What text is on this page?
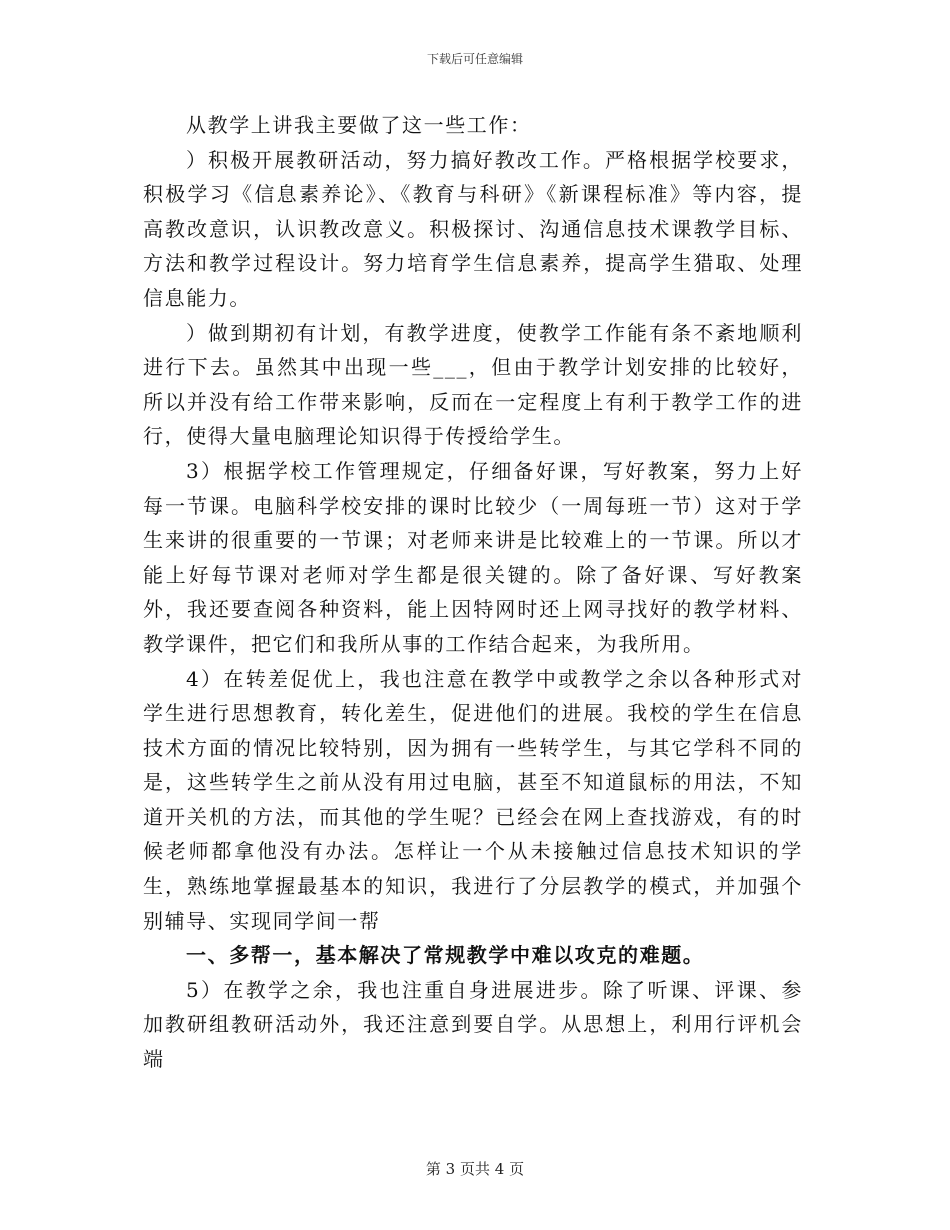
下载后可任意编辑

从教学上讲我主要做了这一些工作：

）积极开展教研活动，努力搞好教改工作。严格根据学校要求，积极学习《信息素养论》、《教育与科研》《新课程标准》等内容，提高教改意识，认识教改意义。积极探讨、沟通信息技术课教学目标、方法和教学过程设计。努力培育学生信息素养，提高学生猎取、处理信息能力。

）做到期初有计划，有教学进度，使教学工作能有条不紊地顺利进行下去。虽然其中出现一些___，但由于教学计划安排的比较好，所以并没有给工作带来影响，反而在一定程度上有利于教学工作的进行，使得大量电脑理论知识得于传授给学生。

3）根据学校工作管理规定，仔细备好课，写好教案，努力上好每一节课。电脑科学校安排的课时比较少（一周每班一节）这对于学生来讲的很重要的一节课；对老师来讲是比较难上的一节课。所以才能上好每节课对老师对学生都是很关键的。除了备好课、写好教案外，我还要查阅各种资料，能上因特网时还上网寻找好的教学材料、教学课件，把它们和我所从事的工作结合起来，为我所用。

4）在转差促优上，我也注意在教学中或教学之余以各种形式对学生进行思想教育，转化差生，促进他们的进展。我校的学生在信息技术方面的情况比较特别，因为拥有一些转学生，与其它学科不同的是，这些转学生之前从没有用过电脑，甚至不知道鼠标的用法，不知道开关机的方法，而其他的学生呢？已经会在网上查找游戏，有的时候老师都拿他没有办法。怎样让一个从未接触过信息技术知识的学生，熟练地掌握最基本的知识，我进行了分层教学的模式，并加强个别辅导、实现同学间一帮

一、多帮一，基本解决了常规教学中难以攻克的难题。

5）在教学之余，我也注重自身进展进步。除了听课、评课、参加教研组教研活动外，我还注意到要自学。从思想上，利用行评机会端

第 3 页共 4 页
